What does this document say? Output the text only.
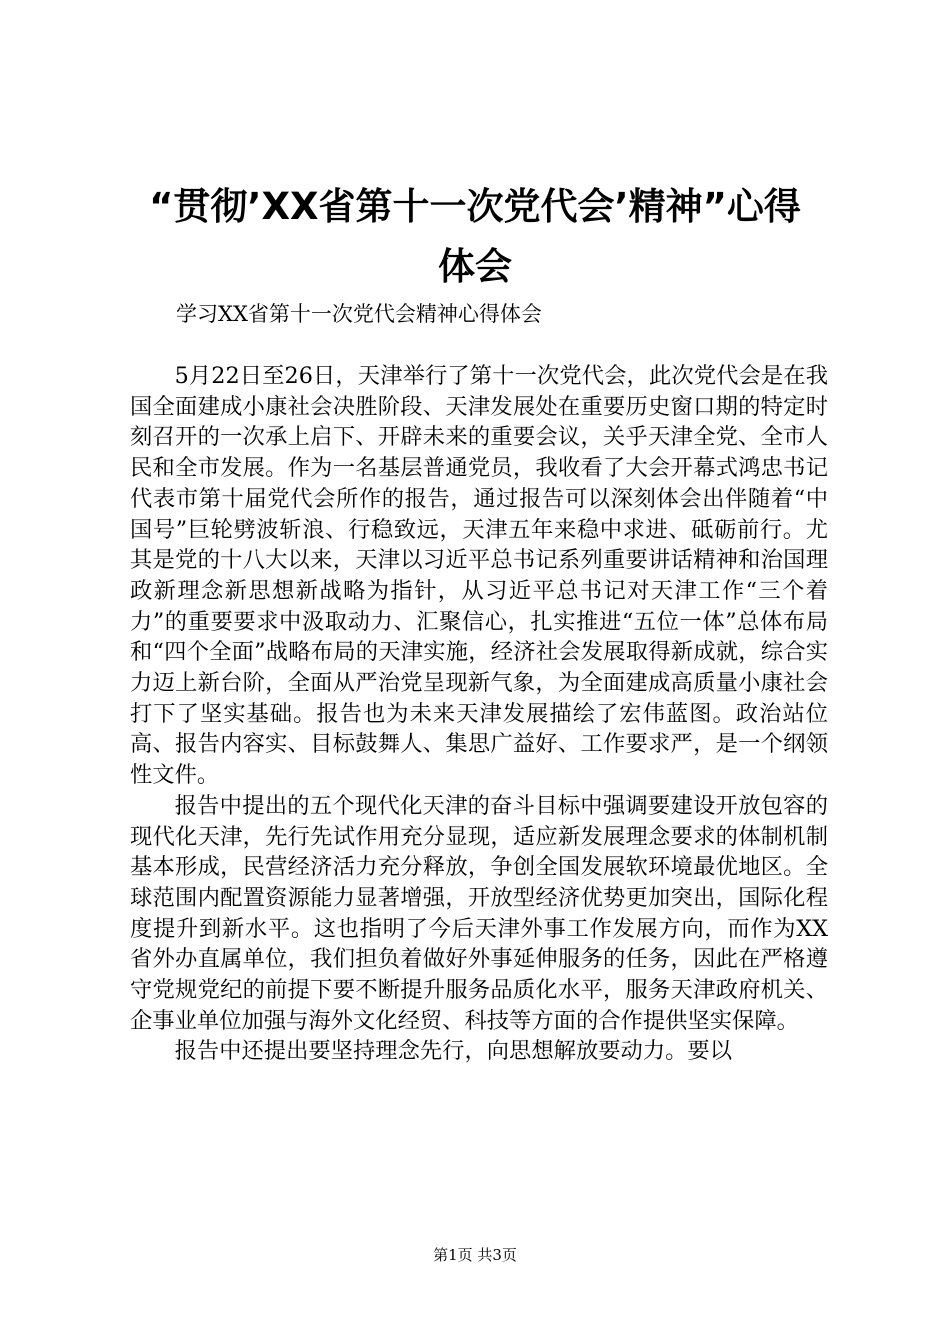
“贯彻’XX省第十一次党代会’精神”心得
体会

学习XX省第十一次党代会精神心得体会

5月22日至26日，天津举行了第十一次党代会，此次党代会是在我国全面建成小康社会决胜阶段、天津发展处在重要历史窗口期的特定时刻召开的一次承上启下、开辟未来的重要会议，关乎天津全党、全市人民和全市发展。作为一名基层普通党员，我收看了大会开幕式鸿忠书记代表市第十届党代会所作的报告，通过报告可以深刻体会出伴随着“中国号”巨轮劈波斩浪、行稳致远，天津五年来稳中求进、砥砺前行。尤其是党的十八大以来，天津以习近平总书记系列重要讲话精神和治国理政新理念新思想新战略为指针，从习近平总书记对天津工作“三个着力”的重要要求中汲取动力、汇聚信心，扎实推进“五位一体”总体布局和“四个全面”战略布局的天津实施，经济社会发展取得新成就，综合实力迈上新台阶，全面从严治党呈现新气象，为全面建成高质量小康社会打下了坚实基础。报告也为未来天津发展描绘了宏伟蓝图。政治站位高、报告内容实、目标鼓舞人、集思广益好、工作要求严，是一个纲领性文件。

报告中提出的五个现代化天津的奋斗目标中强调要建设开放包容的现代化天津，先行先试作用充分显现，适应新发展理念要求的体制机制基本形成，民营经济活力充分释放，争创全国发展软环境最优地区。全球范围内配置资源能力显著增强，开放型经济优势更加突出，国际化程度提升到新水平。这也指明了今后天津外事工作发展方向，而作为XX省外办直属单位，我们担负着做好外事延伸服务的任务，因此在严格遵守党规党纪的前提下要不断提升服务品质化水平，服务天津政府机关、企事业单位加强与海外文化经贸、科技等方面的合作提供坚实保障。

报告中还提出要坚持理念先行，向思想解放要动力。要以

第1页 共3页
